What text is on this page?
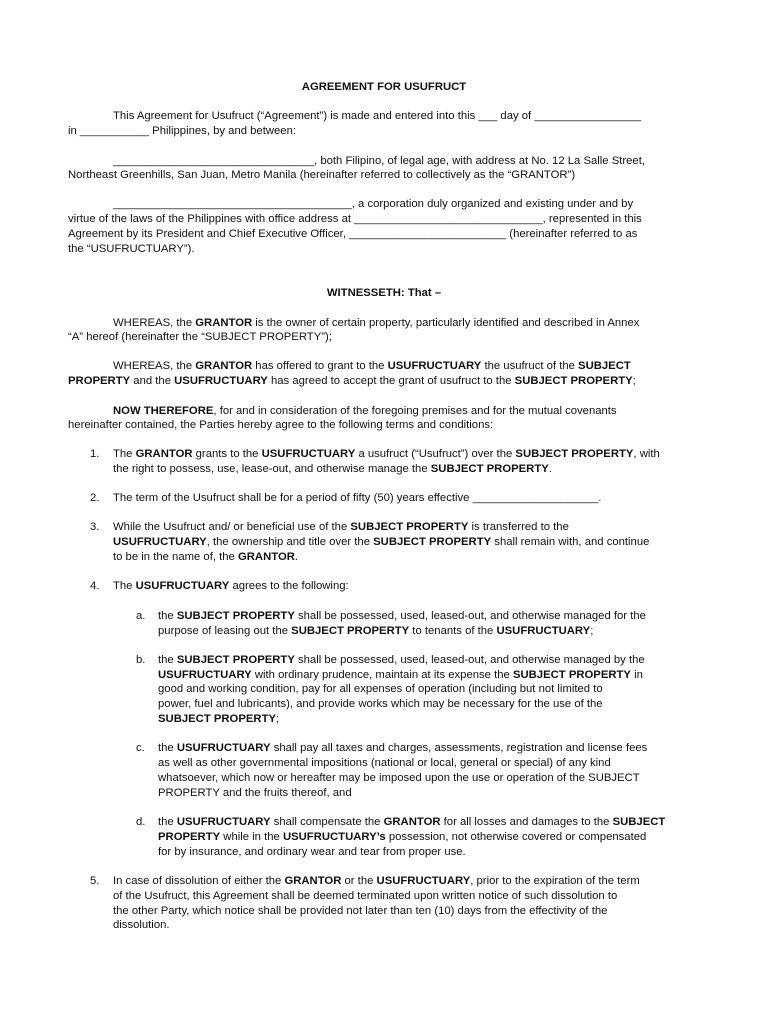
AGREEMENT FOR USUFRUCT
This Agreement for Usufruct (“Agreement”) is made and entered into this ___ day of _________________
in ___________ Philippines, by and between:
________________________________, both Filipino, of legal age, with address at No. 12 La Salle Street,
Northeast Greenhills, San Juan, Metro Manila (hereinafter referred to collectively as the “GRANTOR”)
______________________________________, a corporation duly organized and existing under and by
virtue of the laws of the Philippines with office address at ______________________________, represented in this
Agreement by its President and Chief Executive Officer, _________________________ (hereinafter referred to as
the “USUFRUCTUARY”).
WITNESSETH: That –
WHEREAS, the GRANTOR is the owner of certain property, particularly identified and described in Annex
“A” hereof (hereinafter the “SUBJECT PROPERTY”);
WHEREAS, the GRANTOR has offered to grant to the USUFRUCTUARY the usufruct of the SUBJECT
PROPERTY and the USUFRUCTUARY has agreed to accept the grant of usufruct to the SUBJECT PROPERTY;
NOW THEREFORE, for and in consideration of the foregoing premises and for the mutual covenants
hereinafter contained, the Parties hereby agree to the following terms and conditions:
1. The GRANTOR grants to the USUFRUCTUARY a usufruct (“Usufruct”) over the SUBJECT PROPERTY, with
the right to possess, use, lease-out, and otherwise manage the SUBJECT PROPERTY.
2. The term of the Usufruct shall be for a period of fifty (50) years effective ____________________.
3. While the Usufruct and/ or beneficial use of the SUBJECT PROPERTY is transferred to the
USUFRUCTUARY, the ownership and title over the SUBJECT PROPERTY shall remain with, and continue
to be in the name of, the GRANTOR.
4. The USUFRUCTUARY agrees to the following:
a. the SUBJECT PROPERTY shall be possessed, used, leased-out, and otherwise managed for the
purpose of leasing out the SUBJECT PROPERTY to tenants of the USUFRUCTUARY;
b. the SUBJECT PROPERTY shall be possessed, used, leased-out, and otherwise managed by the
USUFRUCTUARY with ordinary prudence, maintain at its expense the SUBJECT PROPERTY in
good and working condition, pay for all expenses of operation (including but not limited to
power, fuel and lubricants), and provide works which may be necessary for the use of the
SUBJECT PROPERTY;
c. the USUFRUCTUARY shall pay all taxes and charges, assessments, registration and license fees
as well as other governmental impositions (national or local, general or special) of any kind
whatsoever, which now or hereafter may be imposed upon the use or operation of the SUBJECT
PROPERTY and the fruits thereof, and
d. the USUFRUCTUARY shall compensate the GRANTOR for all losses and damages to the SUBJECT
PROPERTY while in the USUFRUCTUARY’s possession, not otherwise covered or compensated
for by insurance, and ordinary wear and tear from proper use.
5. In case of dissolution of either the GRANTOR or the USUFRUCTUARY, prior to the expiration of the term
of the Usufruct, this Agreement shall be deemed terminated upon written notice of such dissolution to
the other Party, which notice shall be provided not later than ten (10) days from the effectivity of the
dissolution.
